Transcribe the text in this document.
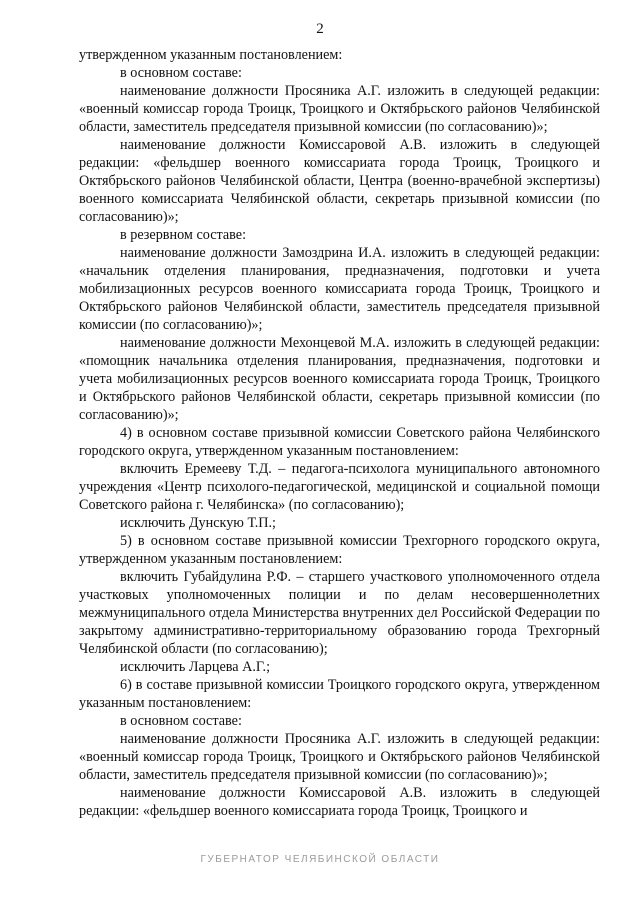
2

утвержденном указанным постановлением:

в основном составе:

наименование должности Просяника А.Г. изложить в следующей редакции: «военный комиссар города Троицк, Троицкого и Октябрьского районов Челябинской области, заместитель председателя призывной комиссии (по согласованию)»;

наименование должности Комиссаровой А.В. изложить в следующей редакции: «фельдшер военного комиссариата города Троицк, Троицкого и Октябрьского районов Челябинской области, Центра (военно-врачебной экспертизы) военного комиссариата Челябинской области, секретарь призывной комиссии (по согласованию)»;

в резервном составе:

наименование должности Замоздрина И.А. изложить в следующей редакции: «начальник отделения планирования, предназначения, подготовки и учета мобилизационных ресурсов военного комиссариата города Троицк, Троицкого и Октябрьского районов Челябинской области, заместитель председателя призывной комиссии (по согласованию)»;

наименование должности Мехонцевой М.А. изложить в следующей редакции: «помощник начальника отделения планирования, предназначения, подготовки и учета мобилизационных ресурсов военного комиссариата города Троицк, Троицкого и Октябрьского районов Челябинской области, секретарь призывной комиссии (по согласованию)»;

4) в основном составе призывной комиссии Советского района Челябинского городского округа, утвержденном указанным постановлением:

включить Еремееву Т.Д. – педагога-психолога муниципального автономного учреждения «Центр психолого-педагогической, медицинской и социальной помощи Советского района г. Челябинска» (по согласованию);

исключить Дунскую Т.П.;

5) в основном составе призывной комиссии Трехгорного городского округа, утвержденном указанным постановлением:

включить Губайдулина Р.Ф. – старшего участкового уполномоченного отдела участковых уполномоченных полиции и по делам несовершеннолетних межмуниципального отдела Министерства внутренних дел Российской Федерации по закрытому административно-территориальному образованию города Трехгорный Челябинской области (по согласованию);

исключить Ларцева А.Г.;

6) в составе призывной комиссии Троицкого городского округа, утвержденном указанным постановлением:

в основном составе:

наименование должности Просяника А.Г. изложить в следующей редакции: «военный комиссар города Троицк, Троицкого и Октябрьского районов Челябинской области, заместитель председателя призывной комиссии (по согласованию)»;

наименование должности Комиссаровой А.В. изложить в следующей редакции: «фельдшер военного комиссариата города Троицк, Троицкого и

ГУБЕРНАТОР ЧЕЛЯБИНСКОЙ ОБЛАСТИ
